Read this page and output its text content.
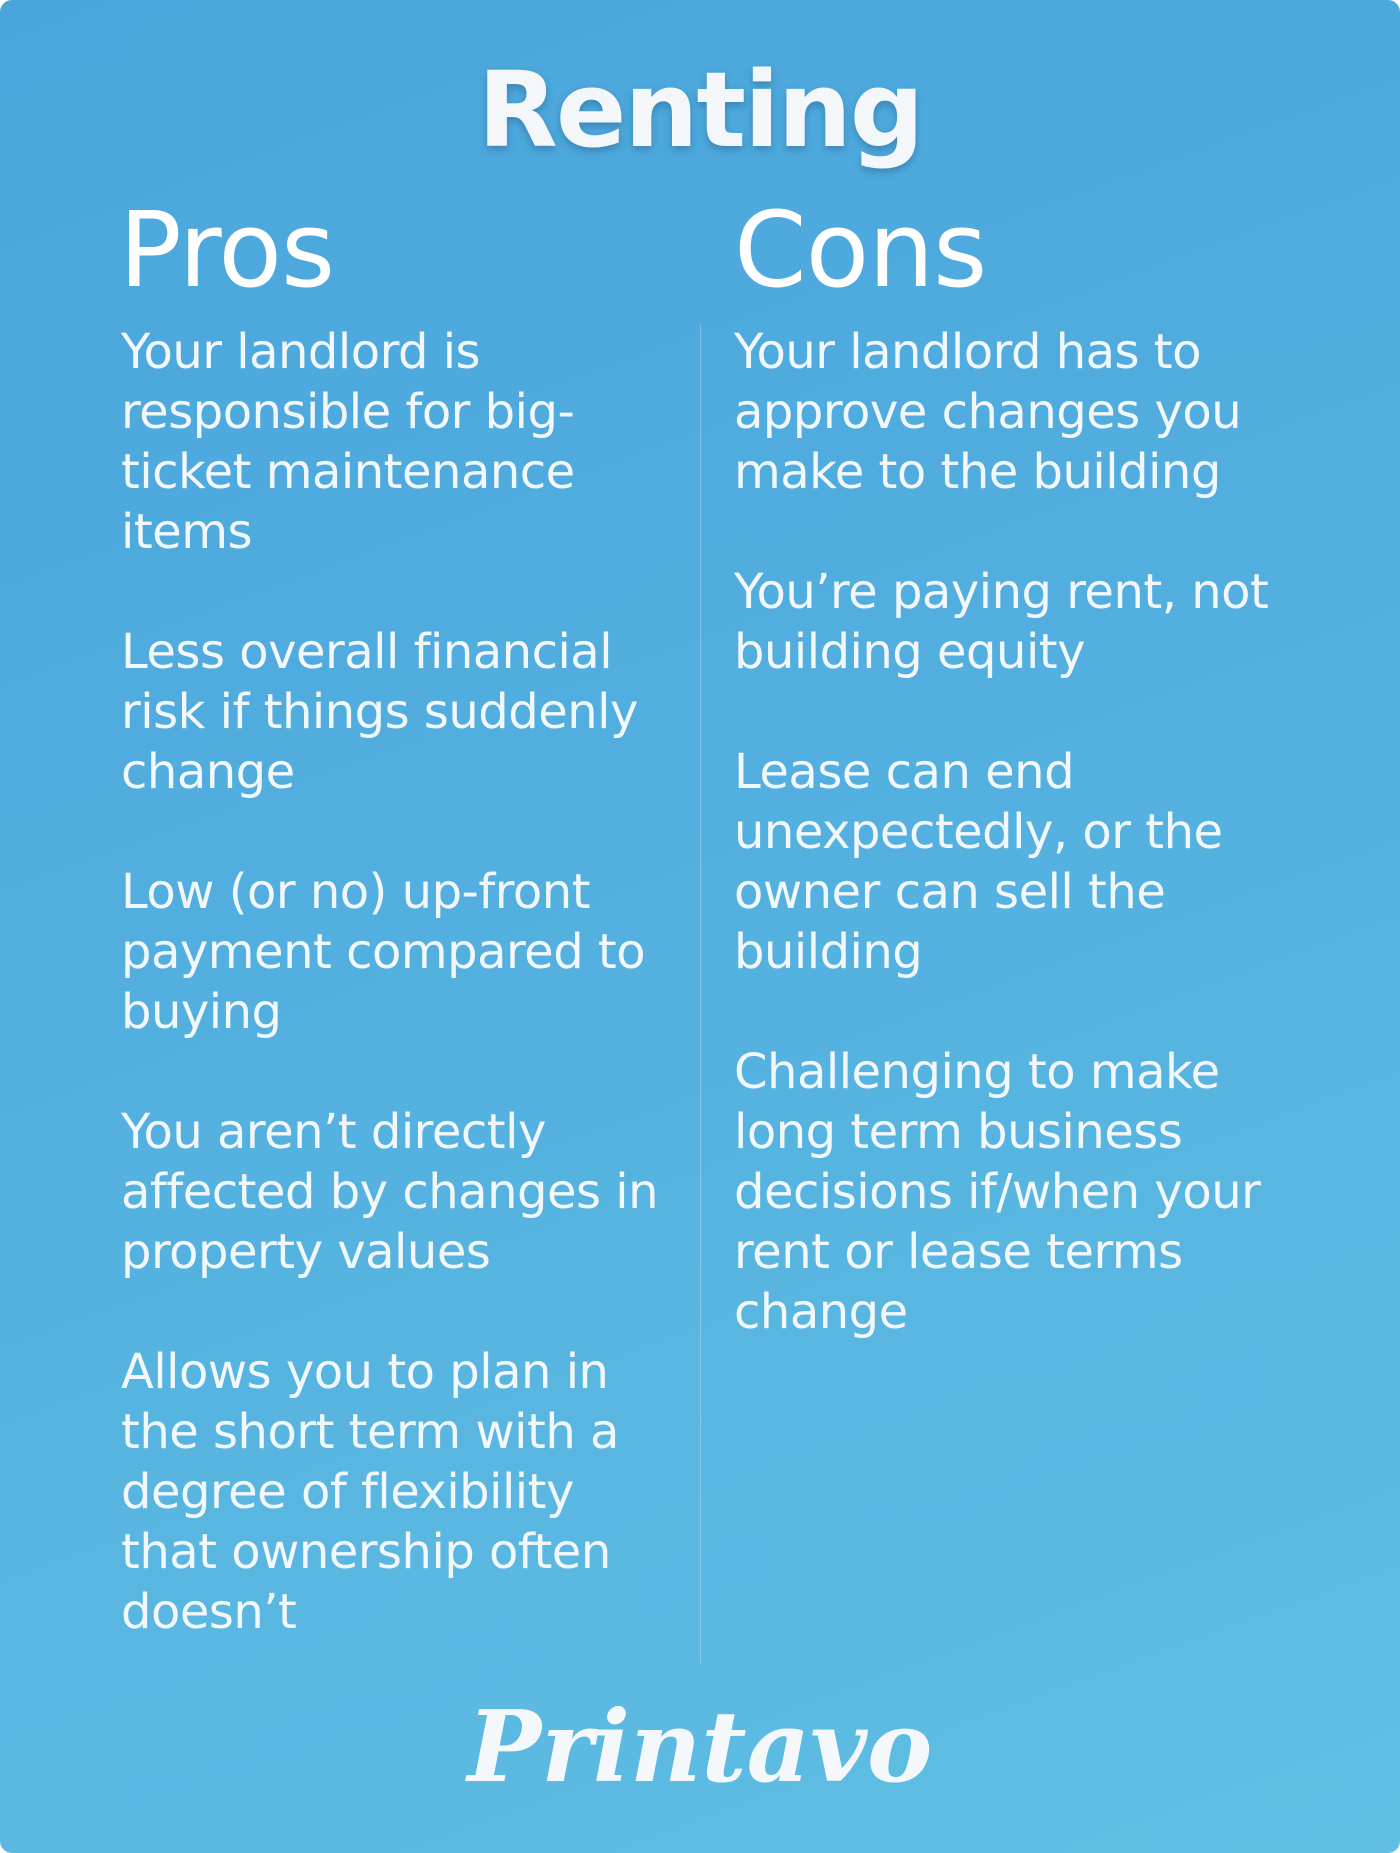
Renting
Pros	Cons
Your landlord is responsible for big-ticket maintenance items
Less overall financial risk if things suddenly change
Low (or no) up-front payment compared to buying
You aren’t directly affected by changes in property values
Allows you to plan in the short term with a degree of flexibility that ownership often doesn’t
Your landlord has to approve changes you make to the building
You’re paying rent, not building equity
Lease can end unexpectedly, or the owner can sell the building
Challenging to make long term business decisions if/when your rent or lease terms change
Printavo
